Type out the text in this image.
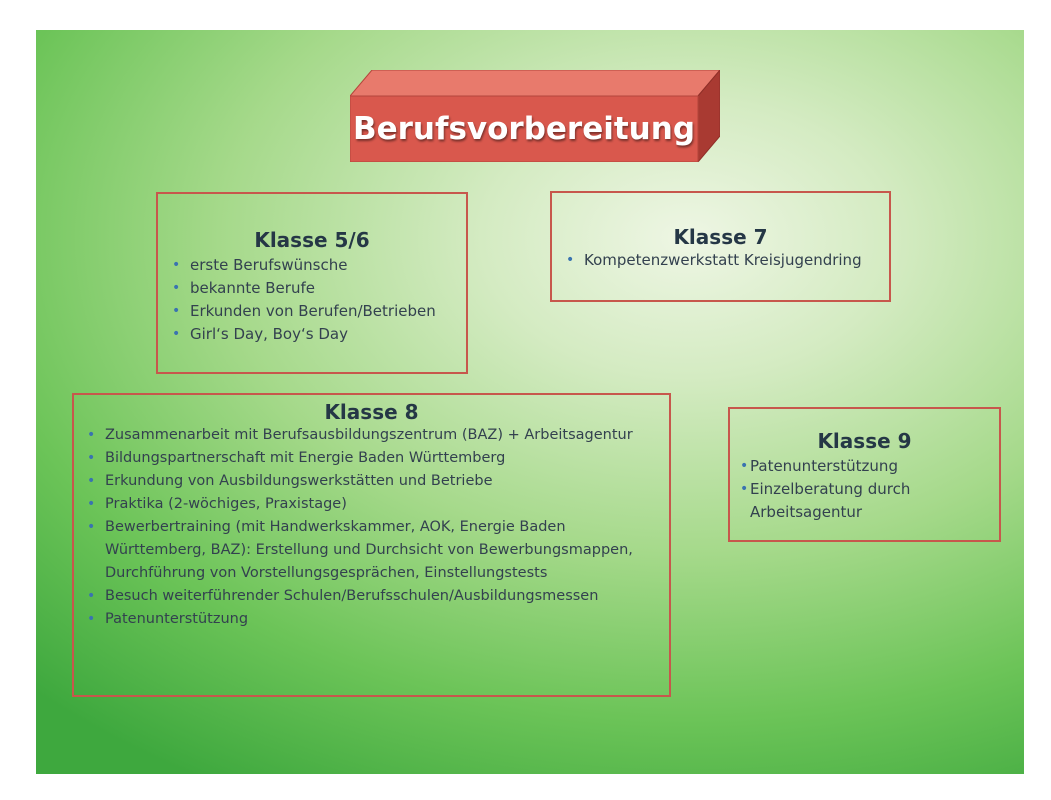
Berufsvorbereitung
Klasse 5/6
• erste Berufswünsche
• bekannte Berufe
• Erkunden von Berufen/Betrieben
• Girl‘s Day, Boy‘s Day
Klasse 7
• Kompetenzwerkstatt Kreisjugendring
Klasse 8
• Zusammenarbeit mit Berufsausbildungszentrum (BAZ) + Arbeitsagentur
• Bildungspartnerschaft mit Energie Baden Württemberg
• Erkundung von Ausbildungswerkstätten und Betriebe
• Praktika (2-wöchiges, Praxistage)
• Bewerbertraining (mit Handwerkskammer, AOK, Energie Baden Württemberg, BAZ): Erstellung und Durchsicht von Bewerbungsmappen, Durchführung von Vorstellungsgesprächen, Einstellungstests
• Besuch weiterführender Schulen/Berufsschulen/Ausbildungsmessen
• Patenunterstützung
Klasse 9
• Patenunterstützung
• Einzelberatung durch Arbeitsagentur
